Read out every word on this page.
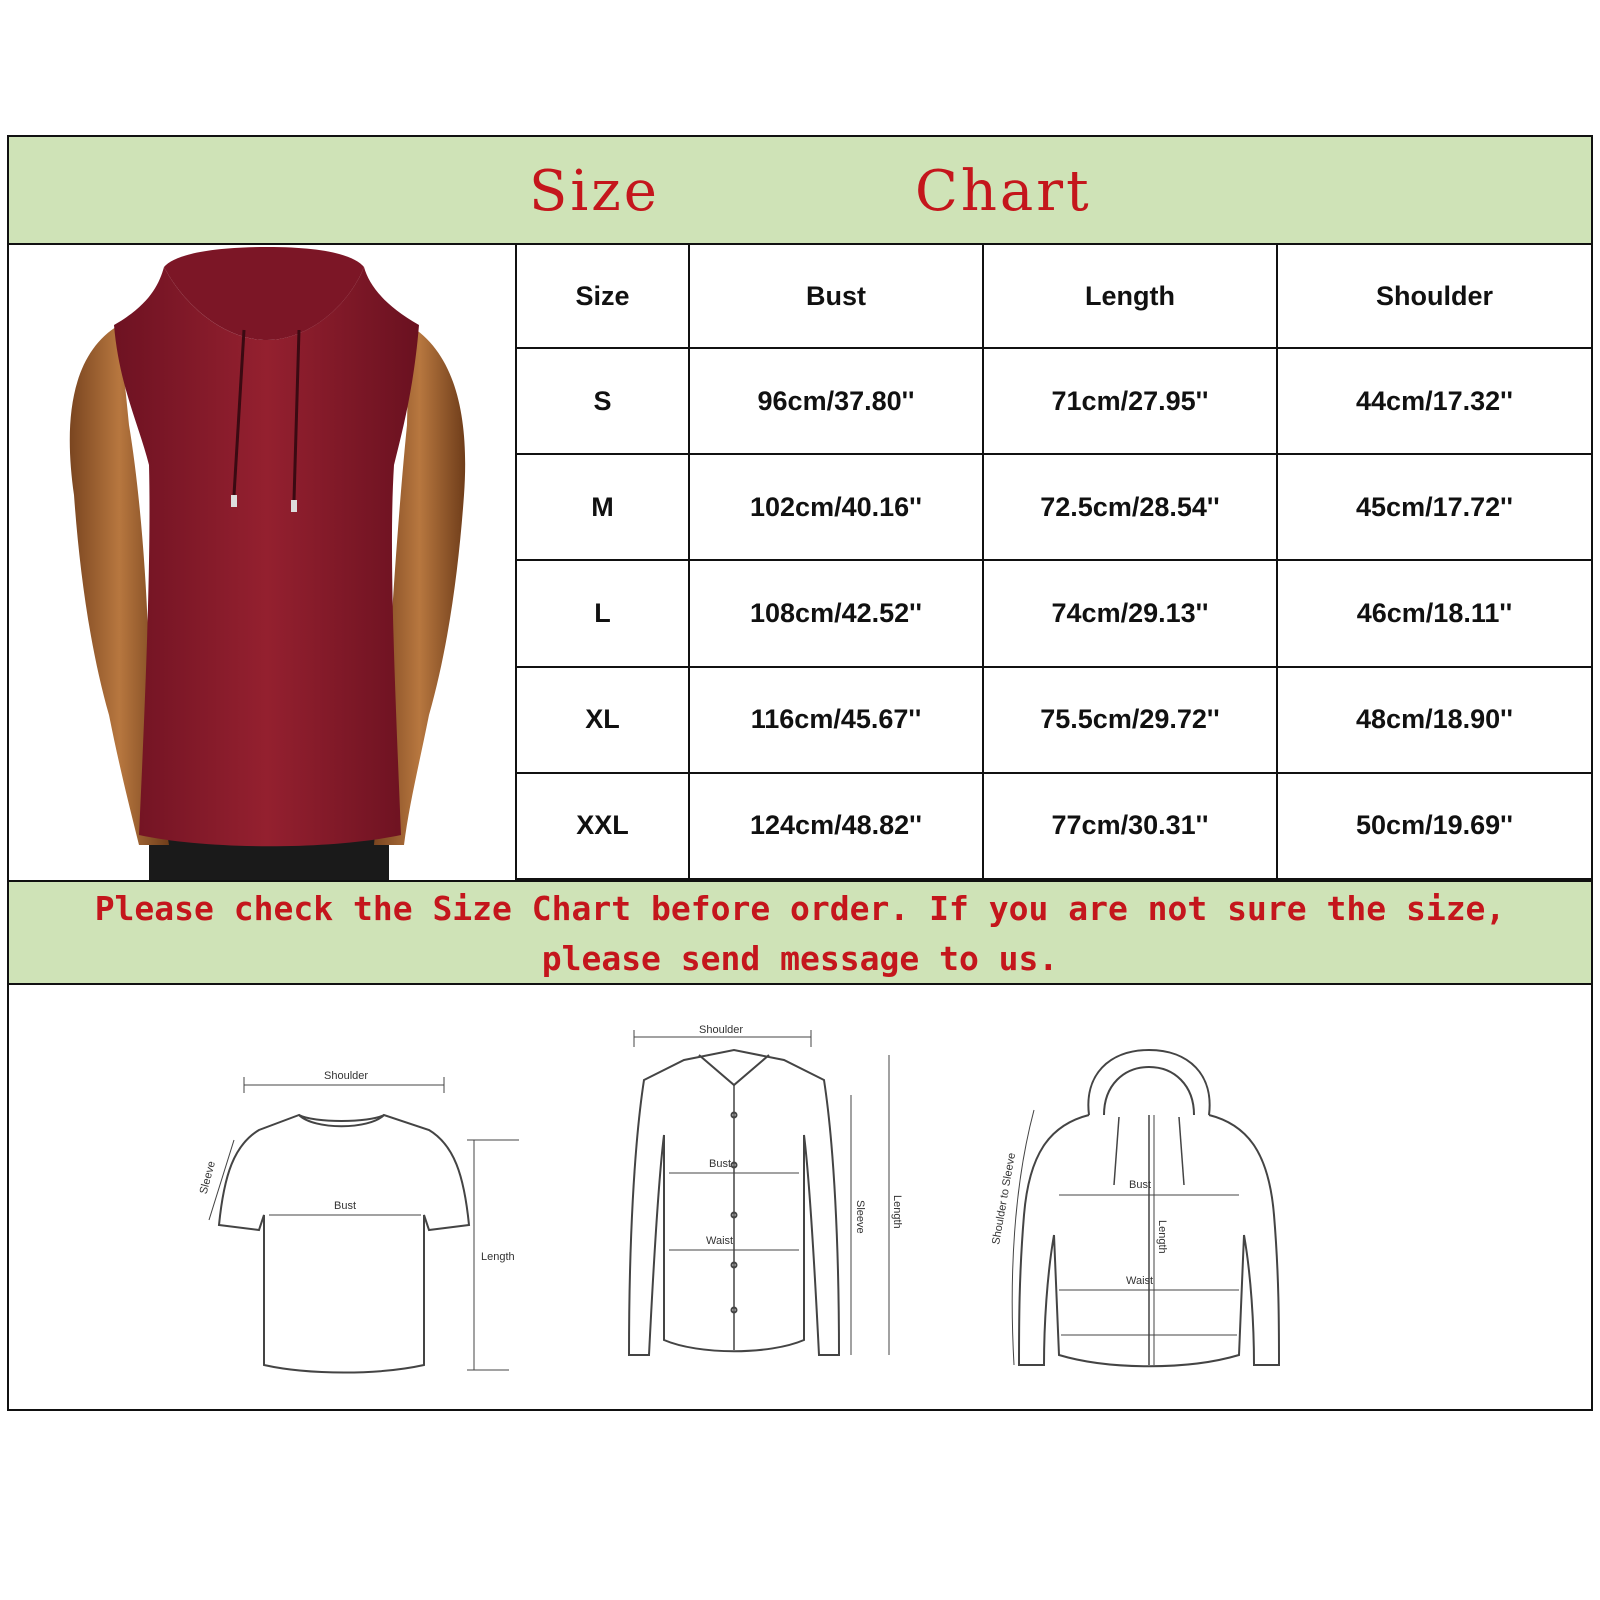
Size	Chart
Size	Bust	Length	Shoulder
S	96cm/37.80''	71cm/27.95''	44cm/17.32''
M	102cm/40.16''	72.5cm/28.54''	45cm/17.72''
L	108cm/42.52''	74cm/29.13''	46cm/18.11''
XL	116cm/45.67''	75.5cm/29.72''	48cm/18.90''
XXL	124cm/48.82''	77cm/30.31''	50cm/19.69''
Please check the Size Chart before order. If you are not sure the size, please send message to us.
Shoulder
Bust
Length
Sleeve
Shoulder
Bust
Waist
Sleeve Length
Bust
Length
Waist
Shoulder to Sleeve
